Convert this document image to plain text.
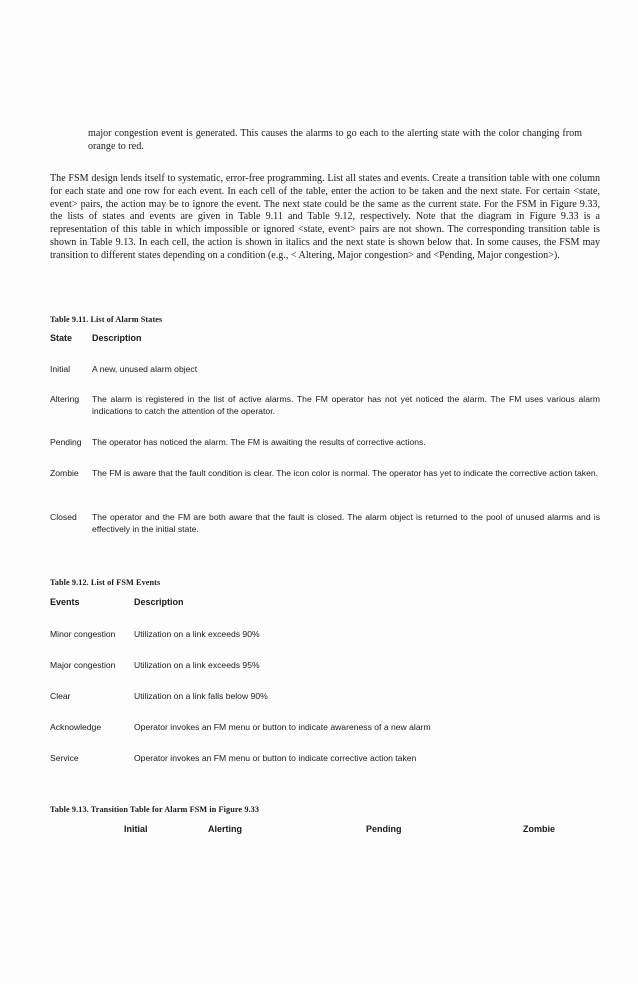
major congestion event is generated. This causes the alarms to go each to the alerting state with the color changing from orange to red.

The FSM design lends itself to systematic, error-free programming. List all states and events. Create a transition table with one column for each state and one row for each event. In each cell of the table, enter the action to be taken and the next state. For certain <state, event> pairs, the action may be to ignore the event. The next state could be the same as the current state. For the FSM in Figure 9.33, the lists of states and events are given in Table 9.11 and Table 9.12, respectively. Note that the diagram in Figure 9.33 is a representation of this table in which impossible or ignored <state, event> pairs are not shown. The corresponding transition table is shown in Table 9.13. In each cell, the action is shown in italics and the next state is shown below that. In some causes, the FSM may transition to different states depending on a condition (e.g., < Altering, Major congestion> and <Pending, Major congestion>).

Table 9.11. List of Alarm States
State Description
Initial	A new, unused alarm object
Altering The alarm is registered in the list of active alarms. The FM operator has not yet noticed the alarm. The FM uses various alarm indications to catch the attention of the operator.
Pending The operator has noticed the alarm. The FM is awaiting the results of corrective actions.
Zombie The FM is aware that the fault condition is clear. The icon color is normal. The operator has yet to indicate the corrective action taken.
Closed The operator and the FM are both aware that the fault is closed. The alarm object is returned to the pool of unused alarms and is effectively in the initial state.
Table 9.12. List of FSM Events
Events	Description
Minor congestion Utilization on a link exceeds 90%
Major congestion Utilization on a link exceeds 95%
Clear	Utilization on a link falls below 90%
Acknowledge	Operator invokes an FM menu or button to indicate awareness of a new alarm
Service	Operator invokes an FM menu or button to indicate corrective action taken
Table 9.13. Transition Table for Alarm FSM in Figure 9.33
Initial	Alerting	Pending	Zombie
